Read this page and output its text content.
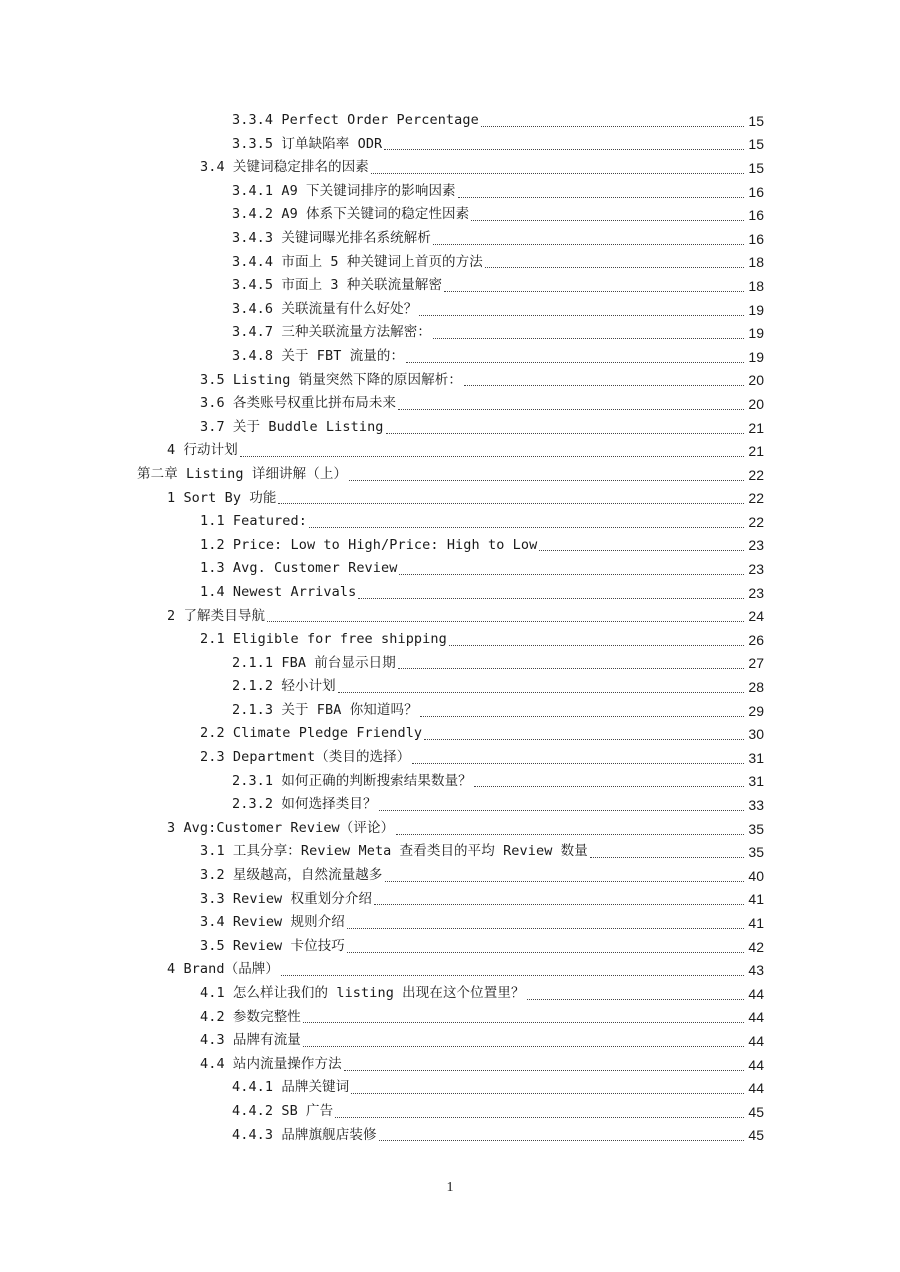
3.3.4 Perfect Order Percentage	15
3.3.5 订单缺陷率 ODR	15
3.4 关键词稳定排名的因素	15
3.4.1 A9 下关键词排序的影响因素	16
3.4.2 A9 体系下关键词的稳定性因素	16
3.4.3 关键词曝光排名系统解析	16
3.4.4 市面上 5 种关键词上首页的方法	18
3.4.5 市面上 3 种关联流量解密	18
3.4.6 关联流量有什么好处？	19
3.4.7 三种关联流量方法解密：	19
3.4.8 关于 FBT 流量的：	19
3.5 Listing 销量突然下降的原因解析：	20
3.6 各类账号权重比拼布局未来	20
3.7 关于 Buddle Listing	21
4 行动计划	21
第二章 Listing 详细讲解（上）	22
1 Sort By 功能	22
1.1 Featured:	22
1.2 Price: Low to High/Price: High to Low	23
1.3 Avg. Customer Review	23
1.4 Newest Arrivals	23
2 了解类目导航	24
2.1 Eligible for free shipping	26
2.1.1 FBA 前台显示日期	27
2.1.2 轻小计划	28
2.1.3 关于 FBA 你知道吗？	29
2.2 Climate Pledge Friendly	30
2.3 Department（类目的选择）	31
2.3.1 如何正确的判断搜索结果数量？	31
2.3.2 如何选择类目？	33
3 Avg:Customer Review（评论）	35
3.1 工具分享：Review Meta 查看类目的平均 Review 数量	35
3.2 星级越高，自然流量越多	40
3.3 Review 权重划分介绍	41
3.4 Review 规则介绍	41
3.5 Review 卡位技巧	42
4 Brand（品牌）	43
4.1 怎么样让我们的 listing 出现在这个位置里？	44
4.2 参数完整性	44
4.3 品牌有流量	44
4.4 站内流量操作方法	44
4.4.1 品牌关键词	44
4.4.2 SB 广告	45
4.4.3 品牌旗舰店装修	45
1
